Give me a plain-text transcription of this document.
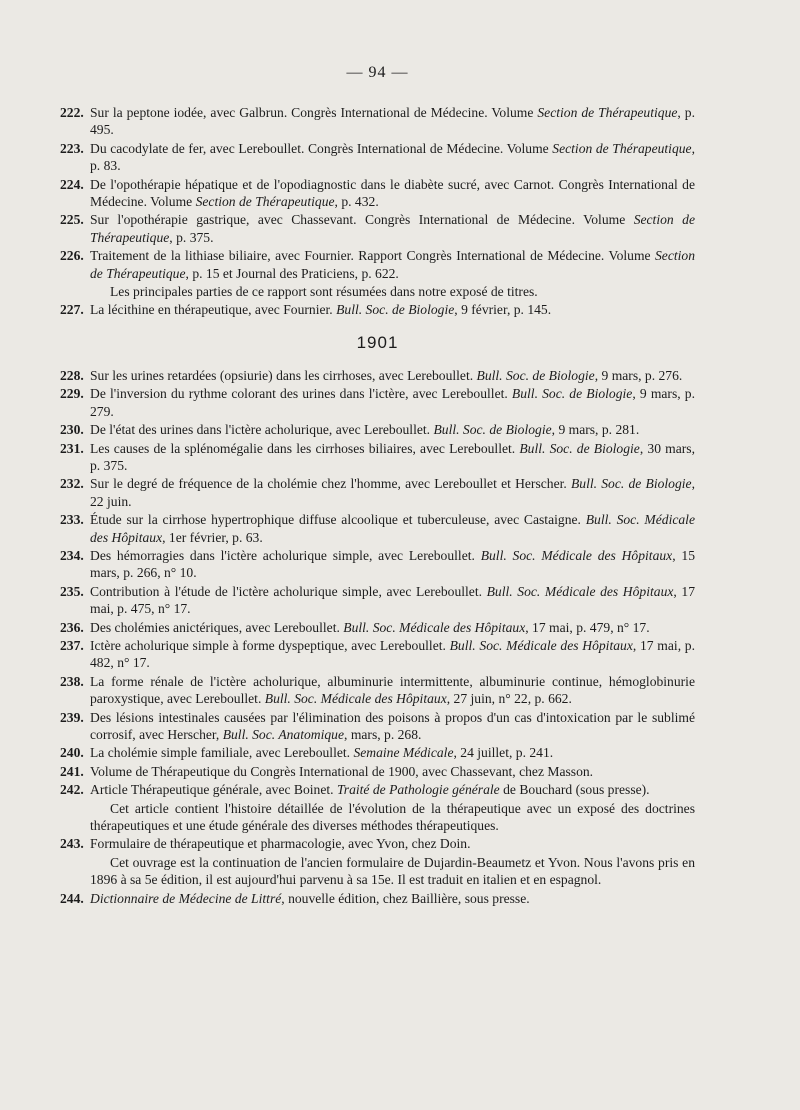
— 94 —
222. Sur la peptone iodée, avec Galbrun. Congrès International de Médecine. Volume Section de Thérapeutique, p. 495.
223. Du cacodylate de fer, avec Lereboullet. Congrès International de Médecine. Volume Section de Thérapeutique, p. 83.
224. De l'opothérapie hépatique et de l'opodiagnostic dans le diabète sucré, avec Carnot. Congrès International de Médecine. Volume Section de Thérapeutique, p. 432.
225. Sur l'opothérapie gastrique, avec Chassevant. Congrès International de Médecine. Volume Section de Thérapeutique, p. 375.
226. Traitement de la lithiase biliaire, avec Fournier. Rapport Congrès International de Médecine. Volume Section de Thérapeutique, p. 15 et Journal des Praticiens, p. 622.
Les principales parties de ce rapport sont résumées dans notre exposé de titres.
227. La lécithine en thérapeutique, avec Fournier. Bull. Soc. de Biologie, 9 février, p. 145.
1901
228. Sur les urines retardées (opsiurie) dans les cirrhoses, avec Lereboullet. Bull. Soc. de Biologie, 9 mars, p. 276.
229. De l'inversion du rythme colorant des urines dans l'ictère, avec Lereboullet. Bull. Soc. de Biologie, 9 mars, p. 279.
230. De l'état des urines dans l'ictère acholurique, avec Lereboullet. Bull. Soc. de Biologie, 9 mars, p. 281.
231. Les causes de la splénomégalie dans les cirrhoses biliaires, avec Lereboullet. Bull. Soc. de Biologie, 30 mars, p. 375.
232. Sur le degré de fréquence de la cholémie chez l'homme, avec Lereboullet et Herscher. Bull. Soc. de Biologie, 22 juin.
233. Étude sur la cirrhose hypertrophique diffuse alcoolique et tuberculeuse, avec Castaigne. Bull. Soc. Médicale des Hôpitaux, 1er février, p. 63.
234. Des hémorragies dans l'ictère acholurique simple, avec Lereboullet. Bull. Soc. Médicale des Hôpitaux, 15 mars, p. 266, n° 10.
235. Contribution à l'étude de l'ictère acholurique simple, avec Lereboullet. Bull. Soc. Médicale des Hôpitaux, 17 mai, p. 475, n° 17.
236. Des cholémies anictériques, avec Lereboullet. Bull. Soc. Médicale des Hôpitaux, 17 mai, p. 479, n° 17.
237. Ictère acholurique simple à forme dyspeptique, avec Lereboullet. Bull. Soc. Médicale des Hôpitaux, 17 mai, p. 482, n° 17.
238. La forme rénale de l'ictère acholurique, albuminurie intermittente, albuminurie continue, hémoglobinurie paroxystique, avec Lereboullet. Bull. Soc. Médicale des Hôpitaux, 27 juin, n° 22, p. 662.
239. Des lésions intestinales causées par l'élimination des poisons à propos d'un cas d'intoxication par le sublimé corrosif, avec Herscher, Bull. Soc. Anatomique, mars, p. 268.
240. La cholémie simple familiale, avec Lereboullet. Semaine Médicale, 24 juillet, p. 241.
241. Volume de Thérapeutique du Congrès International de 1900, avec Chassevant, chez Masson.
242. Article Thérapeutique générale, avec Boinet. Traité de Pathologie générale de Bouchard (sous presse).
Cet article contient l'histoire détaillée de l'évolution de la thérapeutique avec un exposé des doctrines thérapeutiques et une étude générale des diverses méthodes thérapeutiques.
243. Formulaire de thérapeutique et pharmacologie, avec Yvon, chez Doin.
Cet ouvrage est la continuation de l'ancien formulaire de Dujardin-Beaumetz et Yvon. Nous l'avons pris en 1896 à sa 5e édition, il est aujourd'hui parvenu à sa 15e. Il est traduit en italien et en espagnol.
244. Dictionnaire de Médecine de Littré, nouvelle édition, chez Baillière, sous presse.
